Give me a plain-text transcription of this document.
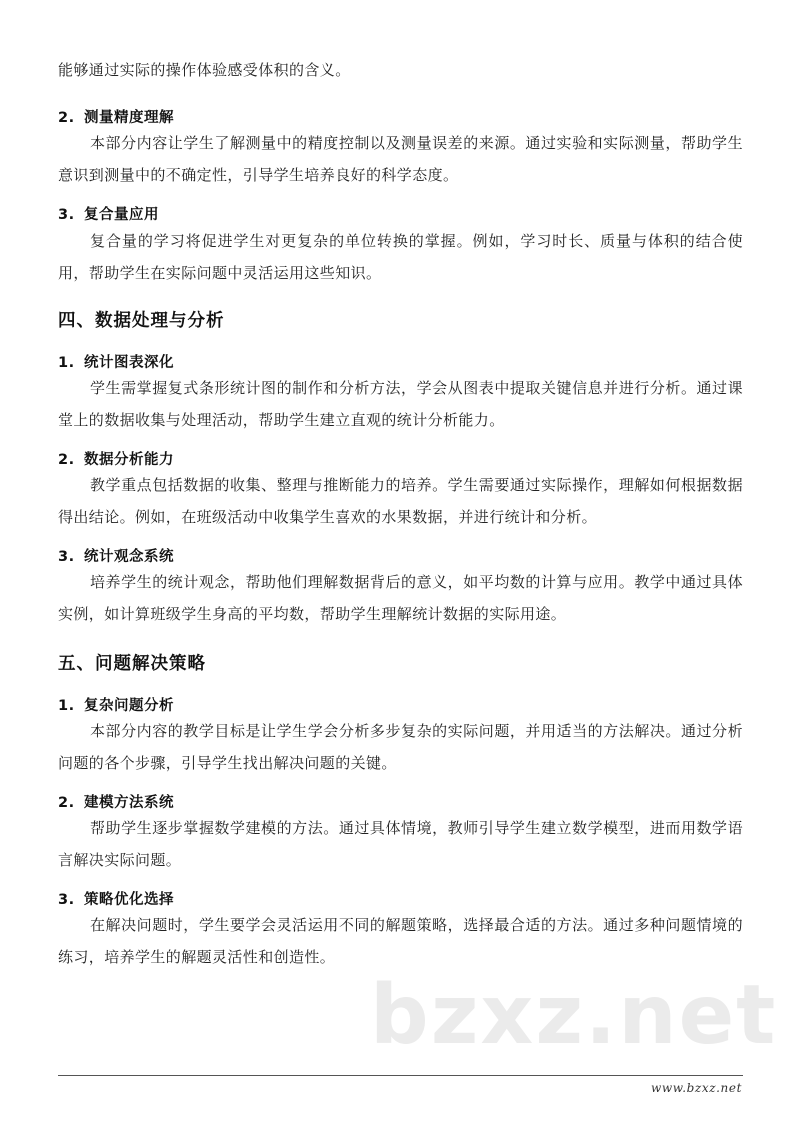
能够通过实际的操作体验感受体积的含义。
2. 测量精度理解
本部分内容让学生了解测量中的精度控制以及测量误差的来源。通过实验和实际测量，帮助学生意识到测量中的不确定性，引导学生培养良好的科学态度。
3. 复合量应用
复合量的学习将促进学生对更复杂的单位转换的掌握。例如，学习时长、质量与体积的结合使用，帮助学生在实际问题中灵活运用这些知识。
四、数据处理与分析
1. 统计图表深化
学生需掌握复式条形统计图的制作和分析方法，学会从图表中提取关键信息并进行分析。通过课堂上的数据收集与处理活动，帮助学生建立直观的统计分析能力。
2. 数据分析能力
教学重点包括数据的收集、整理与推断能力的培养。学生需要通过实际操作，理解如何根据数据得出结论。例如，在班级活动中收集学生喜欢的水果数据，并进行统计和分析。
3. 统计观念系统
培养学生的统计观念，帮助他们理解数据背后的意义，如平均数的计算与应用。教学中通过具体实例，如计算班级学生身高的平均数，帮助学生理解统计数据的实际用途。
五、问题解决策略
1. 复杂问题分析
本部分内容的教学目标是让学生学会分析多步复杂的实际问题，并用适当的方法解决。通过分析问题的各个步骤，引导学生找出解决问题的关键。
2. 建模方法系统
帮助学生逐步掌握数学建模的方法。通过具体情境，教师引导学生建立数学模型，进而用数学语言解决实际问题。
3. 策略优化选择
在解决问题时，学生要学会灵活运用不同的解题策略，选择最合适的方法。通过多种问题情境的练习，培养学生的解题灵活性和创造性。
bzxz.net
www.bzxz.net
